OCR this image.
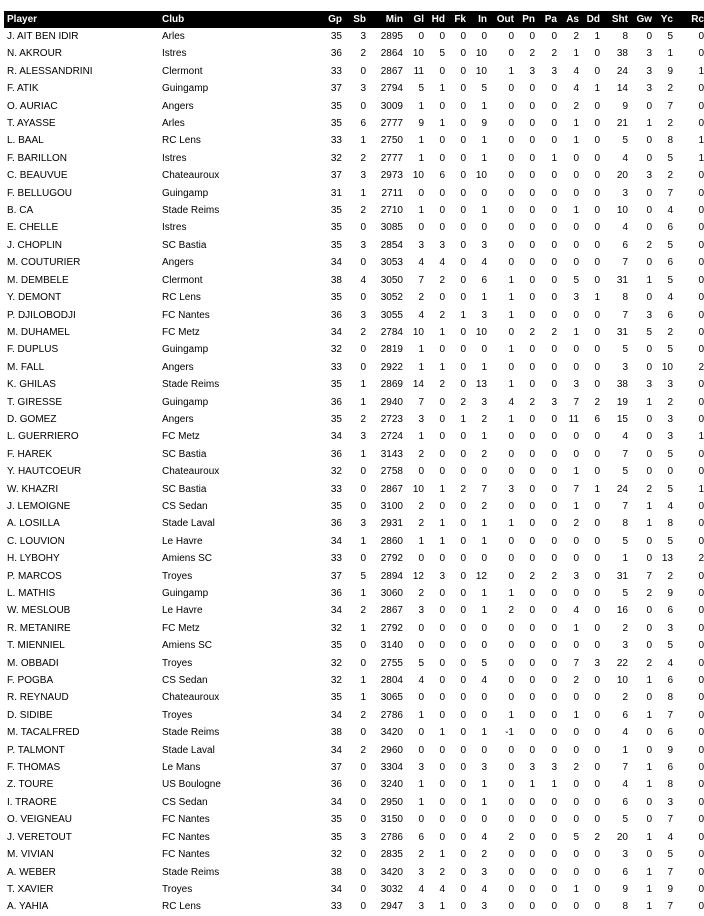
Player	Club	Gp	Sb	Min	Gl	Hd	Fk	In	Out	Pn	Pa	As	Dd	Sht	Gw	Yc	Rc
J. AIT BEN IDIR	Arles	35	3	2895	0	0	0	0	0	0	0	2	1	8	0	5	0
N. AKROUR	Istres	36	2	2864	10	5	0	10	0	2	2	1	0	38	3	1	0
R. ALESSANDRINI	Clermont	33	0	2867	11	0	0	10	1	3	3	4	0	24	3	9	1
F. ATIK	Guingamp	37	3	2794	5	1	0	5	0	0	0	4	1	14	3	2	0
O. AURIAC	Angers	35	0	3009	1	0	0	1	0	0	0	2	0	9	0	7	0
T. AYASSE	Arles	35	6	2777	9	1	0	9	0	0	0	1	0	21	1	2	0
L. BAAL	RC Lens	33	1	2750	1	0	0	1	0	0	0	1	0	5	0	8	1
F. BARILLON	Istres	32	2	2777	1	0	0	1	0	0	1	0	0	4	0	5	1
C. BEAUVUE	Chateauroux	37	3	2973	10	6	0	10	0	0	0	0	0	20	3	2	0
F. BELLUGOU	Guingamp	31	1	2711	0	0	0	0	0	0	0	0	0	3	0	7	0
B. CA	Stade Reims	35	2	2710	1	0	0	1	0	0	0	1	0	10	0	4	0
E. CHELLE	Istres	35	0	3085	0	0	0	0	0	0	0	0	0	4	0	6	0
J. CHOPLIN	SC Bastia	35	3	2854	3	3	0	3	0	0	0	0	0	6	2	5	0
M. COUTURIER	Angers	34	0	3053	4	4	0	4	0	0	0	0	0	7	0	6	0
M. DEMBELE	Clermont	38	4	3050	7	2	0	6	1	0	0	5	0	31	1	5	0
Y. DEMONT	RC Lens	35	0	3052	2	0	0	1	1	0	0	3	1	8	0	4	0
P. DJILOBODJI	FC Nantes	36	3	3055	4	2	1	3	1	0	0	0	0	7	3	6	0
M. DUHAMEL	FC Metz	34	2	2784	10	1	0	10	0	2	2	1	0	31	5	2	0
F. DUPLUS	Guingamp	32	0	2819	1	0	0	0	1	0	0	0	0	5	0	5	0
M. FALL	Angers	33	0	2922	1	1	0	1	0	0	0	0	0	3	0	10	2
K. GHILAS	Stade Reims	35	1	2869	14	2	0	13	1	0	0	3	0	38	3	3	0
T. GIRESSE	Guingamp	36	1	2940	7	0	2	3	4	2	3	7	2	19	1	2	0
D. GOMEZ	Angers	35	2	2723	3	0	1	2	1	0	0	11	6	15	0	3	0
L. GUERRIERO	FC Metz	34	3	2724	1	0	0	1	0	0	0	0	0	4	0	3	1
F. HAREK	SC Bastia	36	1	3143	2	0	0	2	0	0	0	0	0	7	0	5	0
Y. HAUTCOEUR	Chateauroux	32	0	2758	0	0	0	0	0	0	0	1	0	5	0	0	0
W. KHAZRI	SC Bastia	33	0	2867	10	1	2	7	3	0	0	7	1	24	2	5	1
J. LEMOIGNE	CS Sedan	35	0	3100	2	0	0	2	0	0	0	1	0	7	1	4	0
A. LOSILLA	Stade Laval	36	3	2931	2	1	0	1	1	0	0	2	0	8	1	8	0
C. LOUVION	Le Havre	34	1	2860	1	1	0	1	0	0	0	0	0	5	0	5	0
H. LYBOHY	Amiens SC	33	0	2792	0	0	0	0	0	0	0	0	0	1	0	13	2
P. MARCOS	Troyes	37	5	2894	12	3	0	12	0	2	2	3	0	31	7	2	0
L. MATHIS	Guingamp	36	1	3060	2	0	0	1	1	0	0	0	0	5	2	9	0
W. MESLOUB	Le Havre	34	2	2867	3	0	0	1	2	0	0	4	0	16	0	6	0
R. METANIRE	FC Metz	32	1	2792	0	0	0	0	0	0	0	1	0	2	0	3	0
T. MIENNIEL	Amiens SC	35	0	3140	0	0	0	0	0	0	0	0	0	3	0	5	0
M. OBBADI	Troyes	32	0	2755	5	0	0	5	0	0	0	7	3	22	2	4	0
F. POGBA	CS Sedan	32	1	2804	4	0	0	4	0	0	0	2	0	10	1	6	0
R. REYNAUD	Chateauroux	35	1	3065	0	0	0	0	0	0	0	0	0	2	0	8	0
D. SIDIBE	Troyes	34	2	2786	1	0	0	0	1	0	0	1	0	6	1	7	0
M. TACALFRED	Stade Reims	38	0	3420	0	1	0	1	-1	0	0	0	0	4	0	6	0
P. TALMONT	Stade Laval	34	2	2960	0	0	0	0	0	0	0	0	0	1	0	9	0
F. THOMAS	Le Mans	37	0	3304	3	0	0	3	0	3	3	2	0	7	1	6	0
Z. TOURE	US Boulogne	36	0	3240	1	0	0	1	0	1	1	0	0	4	1	8	0
I. TRAORE	CS Sedan	34	0	2950	1	0	0	1	0	0	0	0	0	6	0	3	0
O. VEIGNEAU	FC Nantes	35	0	3150	0	0	0	0	0	0	0	0	0	5	0	7	0
J. VERETOUT	FC Nantes	35	3	2786	6	0	0	4	2	0	0	5	2	20	1	4	0
M. VIVIAN	FC Nantes	32	0	2835	2	1	0	2	0	0	0	0	0	3	0	5	0
A. WEBER	Stade Reims	38	0	3420	3	2	0	3	0	0	0	0	0	6	1	7	0
T. XAVIER	Troyes	34	0	3032	4	4	0	4	0	0	0	1	0	9	1	9	0
A. YAHIA	RC Lens	33	0	2947	3	1	0	3	0	0	0	0	0	8	1	7	0
